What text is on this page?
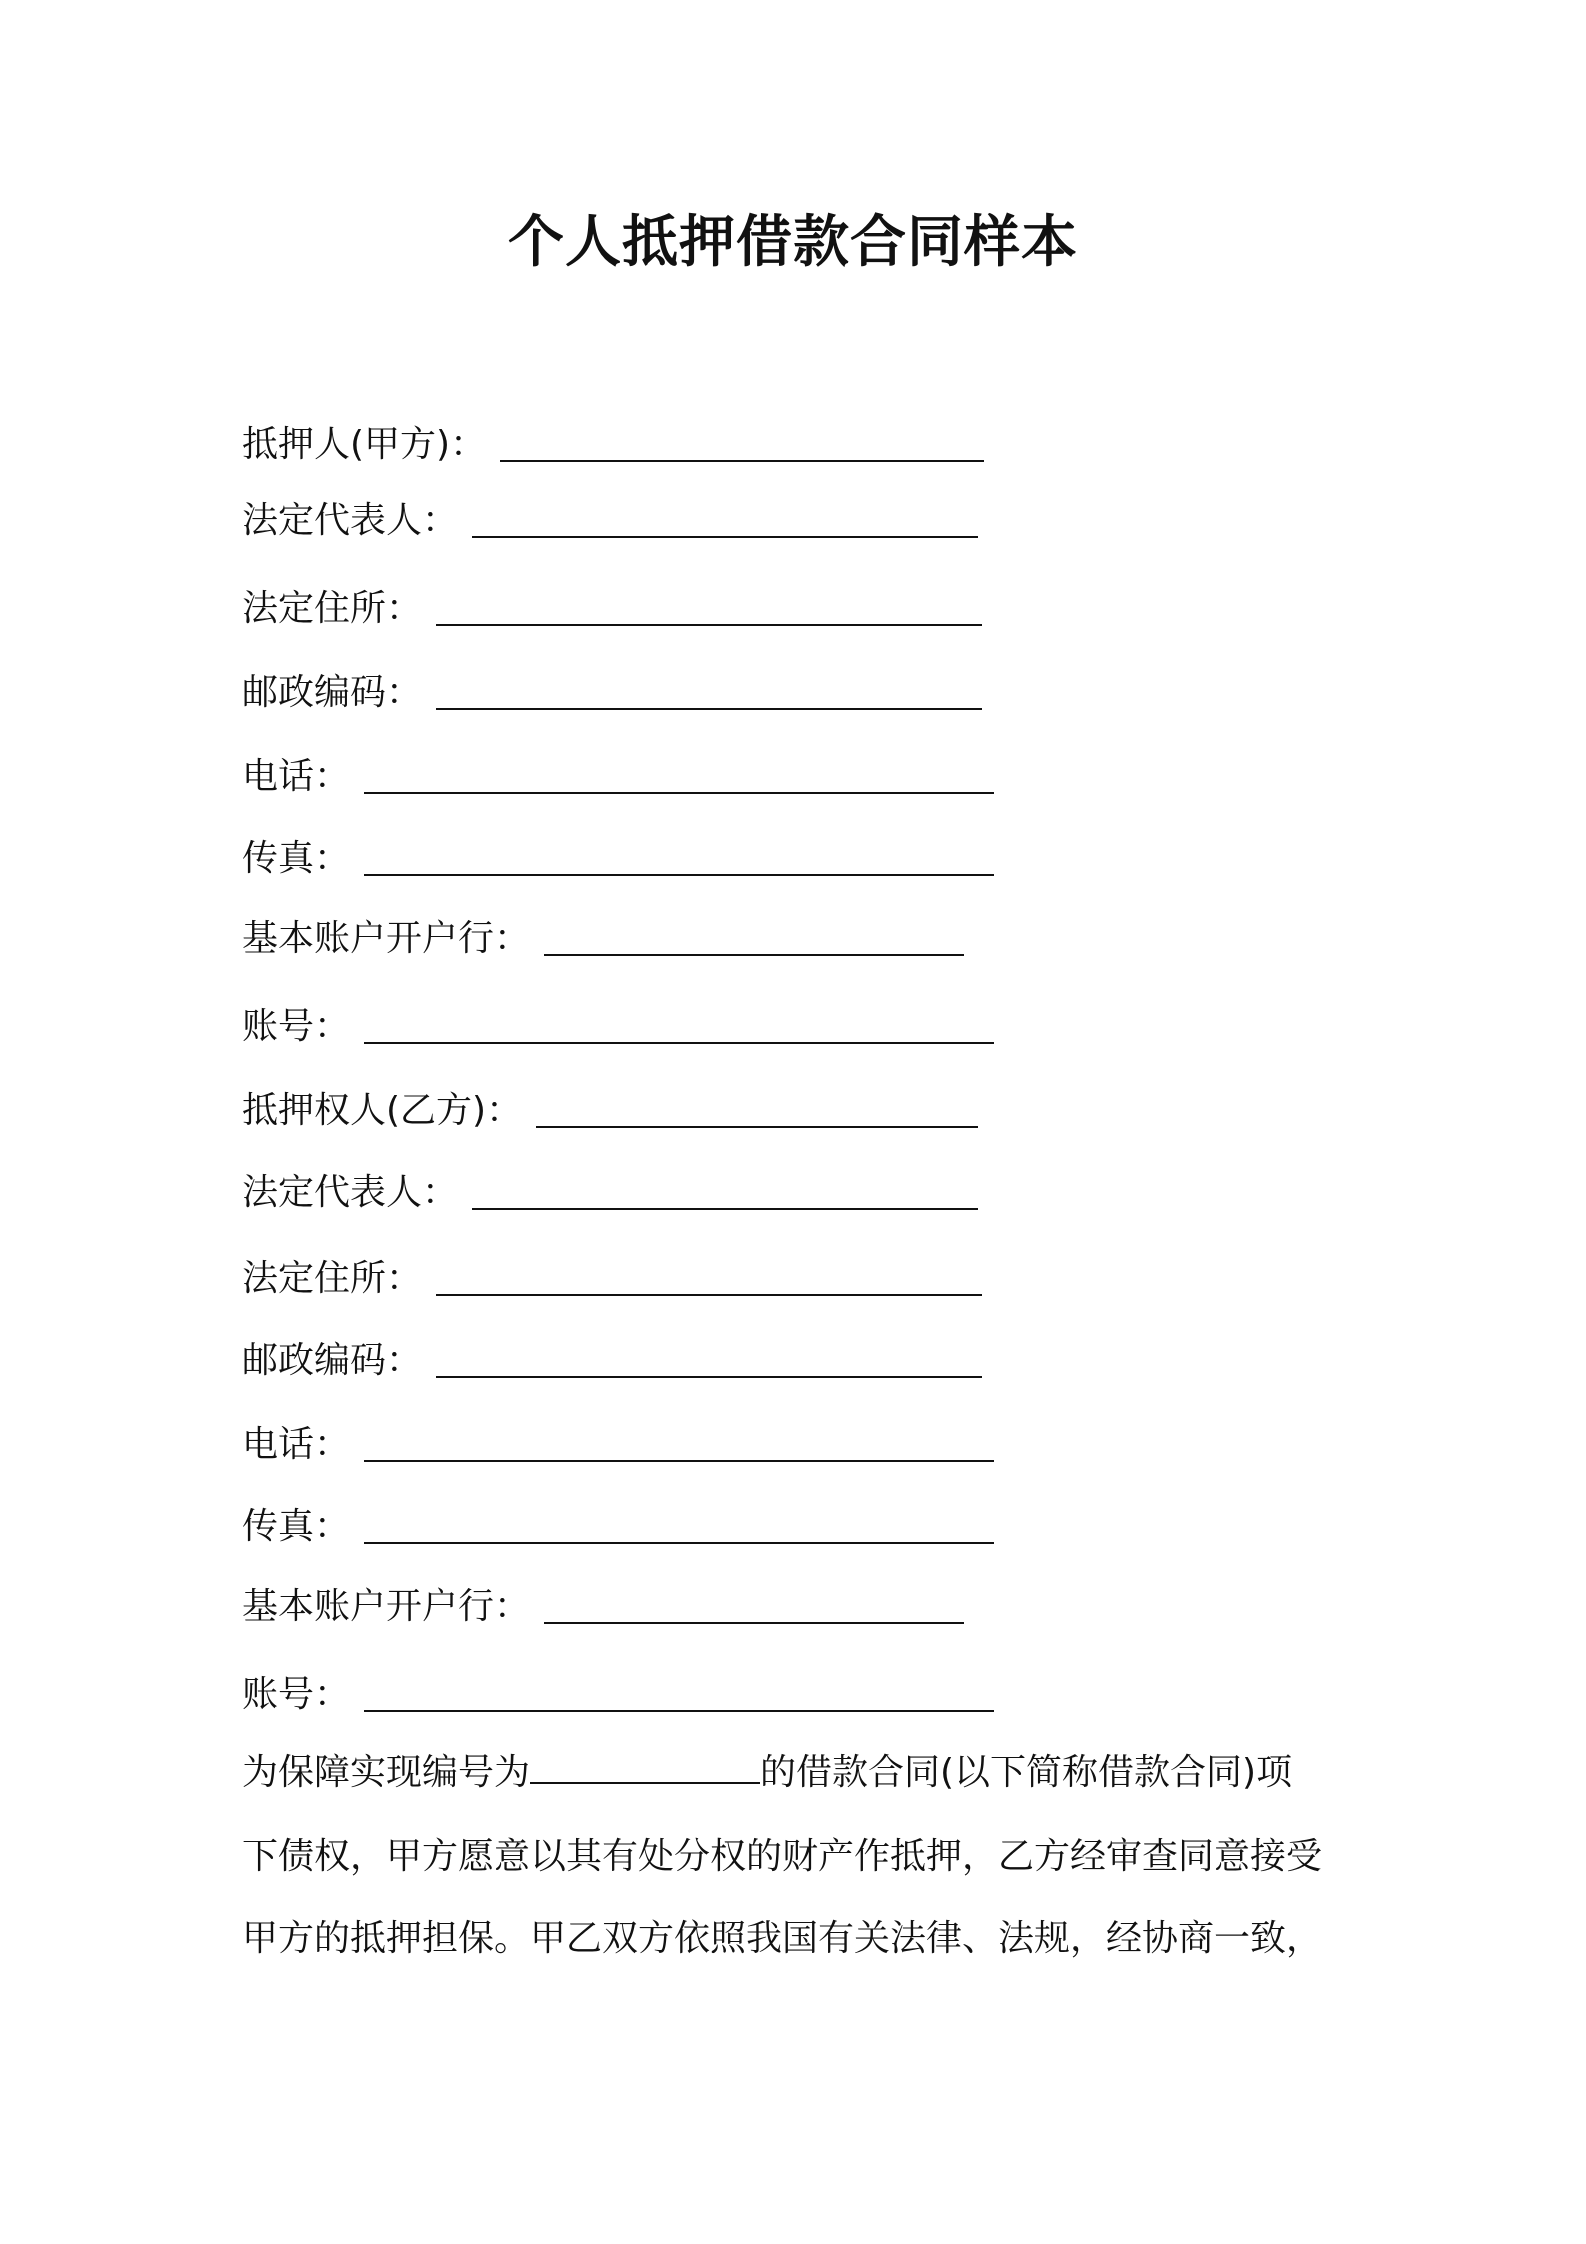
个人抵押借款合同样本
抵押人(甲方)：
法定代表人：
法定住所：
邮政编码：
电话：
传真：
基本账户开户行：
账号：
抵押权人(乙方)：
法定代表人：
法定住所：
邮政编码：
电话：
传真：
基本账户开户行：
账号：
为保障实现编号为	的借款合同(以下简称借款合同)项
下债权，甲方愿意以其有处分权的财产作抵押，乙方经审查同意接受
甲方的抵押担保。甲乙双方依照我国有关法律、法规，经协商一致，
